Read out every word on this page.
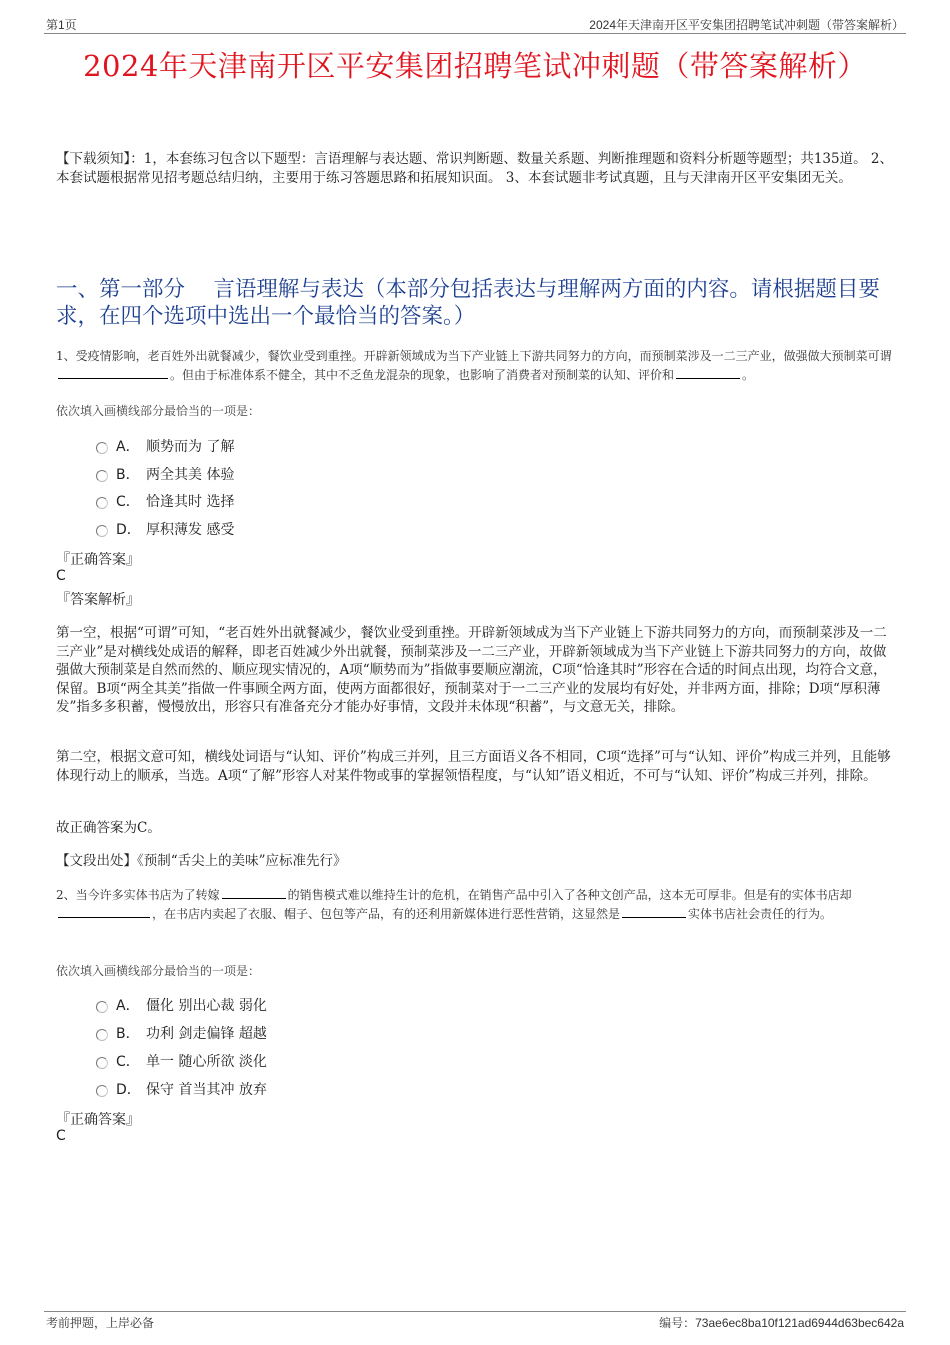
第1页	2024年天津南开区平安集团招聘笔试冲刺题（带答案解析）
2024年天津南开区平安集团招聘笔试冲刺题（带答案解析）
【下载须知】：1，本套练习包含以下题型：言语理解与表达题、常识判断题、数量关系题、判断推理题和资料分析题等题型；共135道。 2、本套试题根据常见招考题总结归纳，主要用于练习答题思路和拓展知识面。 3、本套试题非考试真题，且与天津南开区平安集团无关。
一、第一部分　 言语理解与表达（本部分包括表达与理解两方面的内容。请根据题目要求，在四个选项中选出一个最恰当的答案。）
1、受疫情影响，老百姓外出就餐减少，餐饮业受到重挫。开辟新领域成为当下产业链上下游共同努力的方向，而预制菜涉及一二三产业，做强做大预制菜可谓。但由于标准体系不健全，其中不乏鱼龙混杂的现象，也影响了消费者对预制菜的认知、评价和	。
依次填入画横线部分最恰当的一项是：
A． 顺势而为 了解
B． 两全其美 体验
C． 恰逢其时 选择
D． 厚积薄发 感受
『正确答案』
C
『答案解析』
第一空，根据“可谓”可知，“老百姓外出就餐减少，餐饮业受到重挫。开辟新领域成为当下产业链上下游共同努力的方向，而预制菜涉及一二三产业”是对横线处成语的解释，即老百姓减少外出就餐，预制菜涉及一二三产业，开辟新领域成为当下产业链上下游共同努力的方向，故做强做大预制菜是自然而然的、顺应现实情况的，A项“顺势而为”指做事要顺应潮流，C项“恰逢其时”形容在合适的时间点出现，均符合文意，保留。B项“两全其美”指做一件事顾全两方面，使两方面都很好，预制菜对于一二三产业的发展均有好处，并非两方面，排除；D项“厚积薄发”指多多积蓄，慢慢放出，形容只有准备充分才能办好事情，文段并未体现“积蓄”，与文意无关，排除。
第二空，根据文意可知，横线处词语与“认知、评价”构成三并列，且三方面语义各不相同，C项“选择”可与“认知、评价”构成三并列，且能够体现行动上的顺承，当选。A项“了解”形容人对某件物或事的掌握领悟程度，与“认知”语义相近，不可与“认知、评价”构成三并列，排除。
故正确答案为C。
【文段出处】《预制“舌尖上的美味”应标准先行》
2、当今许多实体书店为了转嫁	的销售模式难以维持生计的危机，在销售产品中引入了各种文创产品，这本无可厚非。但是有的实体书店却，在书店内卖起了衣服、帽子、包包等产品，有的还利用新媒体进行恶性营销，这显然是	实体书店社会责任的行为。
依次填入画横线部分最恰当的一项是：
A． 僵化 别出心裁 弱化
B． 功利 剑走偏锋 超越
C． 单一 随心所欲 淡化
D． 保守 首当其冲 放弃
『正确答案』
C
考前押题，上岸必备	编号：73ae6ec8ba10f121ad6944d63bec642a
